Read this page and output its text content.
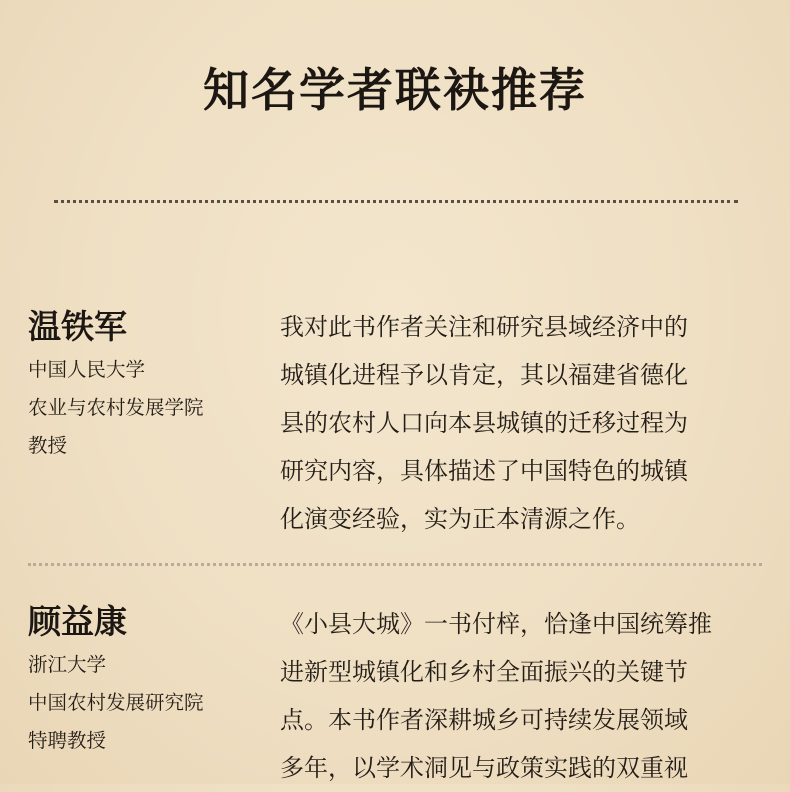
知名学者联袂推荐
温铁军
中国人民大学
农业与农村发展学院
教授
我对此书作者关注和研究县域经济中的
城镇化进程予以肯定，其以福建省德化
县的农村人口向本县城镇的迁移过程为
研究内容，具体描述了中国特色的城镇
化演变经验，实为正本清源之作。
顾益康
浙江大学
中国农村发展研究院
特聘教授
《小县大城》一书付梓，恰逢中国统筹推
进新型城镇化和乡村全面振兴的关键节
点。本书作者深耕城乡可持续发展领域
多年，以学术洞见与政策实践的双重视
